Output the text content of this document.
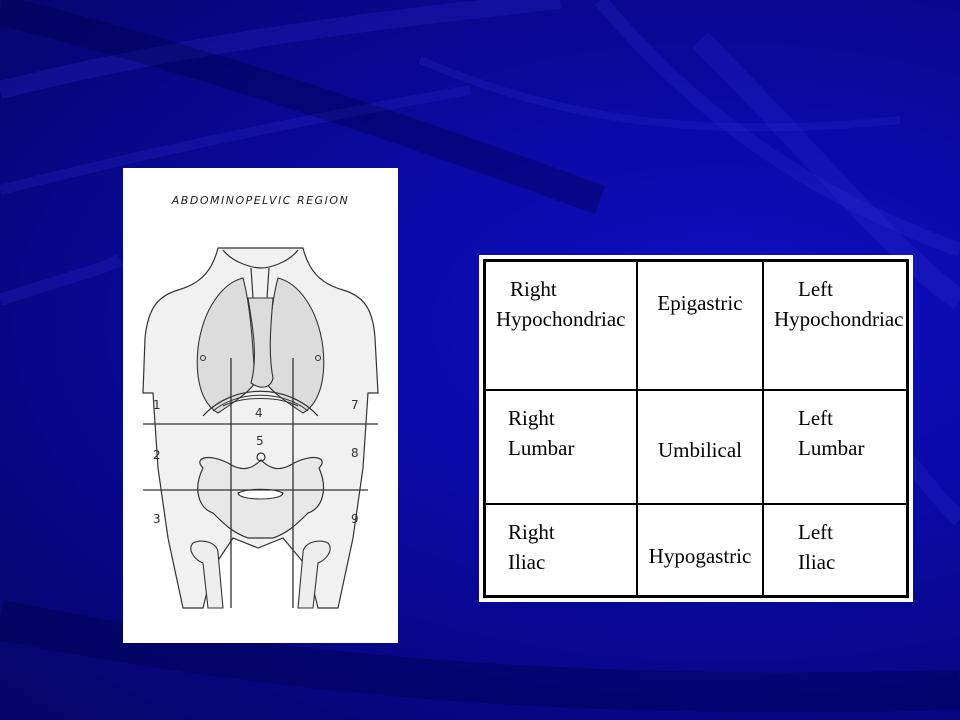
ABDOMINOPELVIC REGION
1
2
3
4
5
7
8
9
Right
Hypochondriac
Epigastric
Left
Hypochondriac
Right
Lumbar	Umbilical
Left
Lumbar
Right
Iliac	Hypogastric
Left
Iliac
